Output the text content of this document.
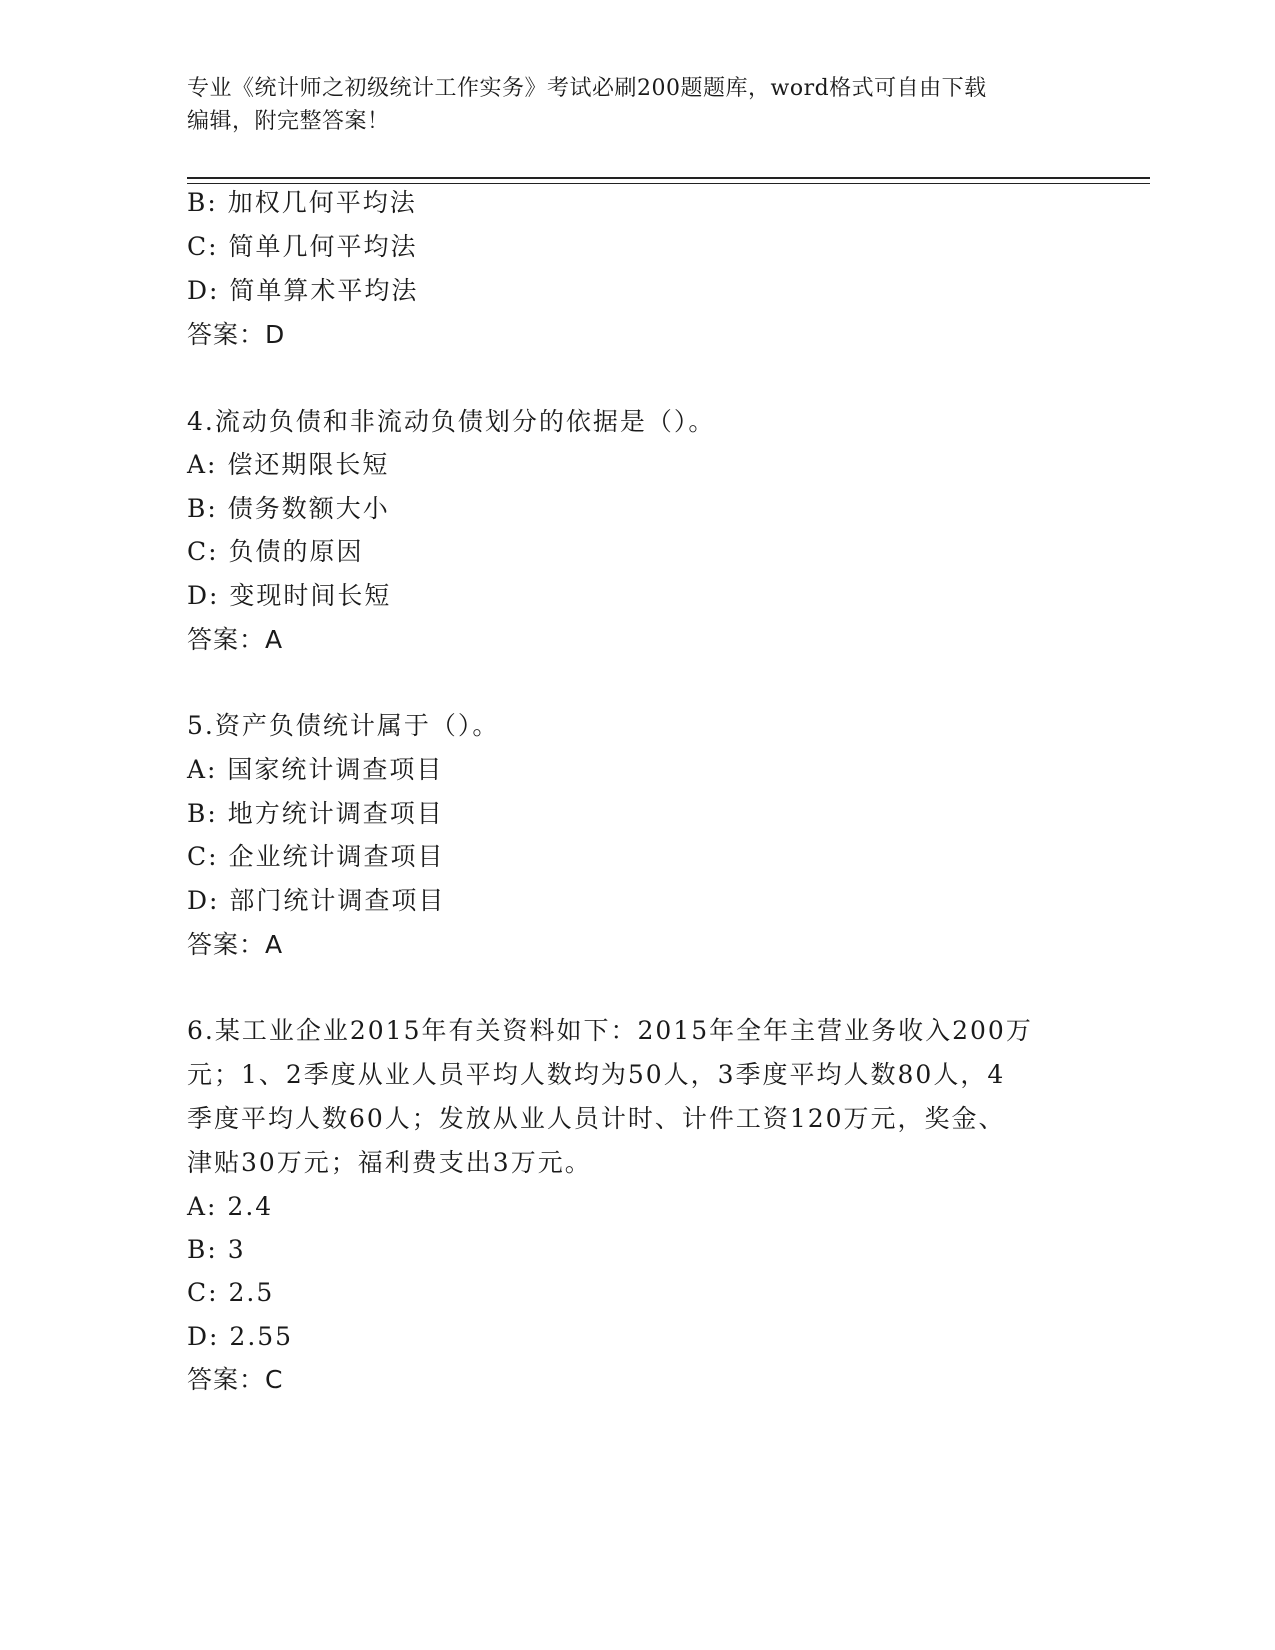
专业《统计师之初级统计工作实务》考试必刷200题题库，word格式可自由下载
编辑，附完整答案！
B: 加权几何平均法
C: 简单几何平均法
D: 简单算术平均法
答案：D
4.流动负债和非流动负债划分的依据是（）。
A: 偿还期限长短
B: 债务数额大小
C: 负债的原因
D: 变现时间长短
答案：A
5.资产负债统计属于（）。
A: 国家统计调查项目
B: 地方统计调查项目
C: 企业统计调查项目
D: 部门统计调查项目
答案：A
6.某工业企业2015年有关资料如下：2015年全年主营业务收入200万
元；1、2季度从业人员平均人数均为50人，3季度平均人数80人，4
季度平均人数60人；发放从业人员计时、计件工资120万元，奖金、
津贴30万元；福利费支出3万元。
A: 2.4
B: 3
C: 2.5
D: 2.55
答案：C
